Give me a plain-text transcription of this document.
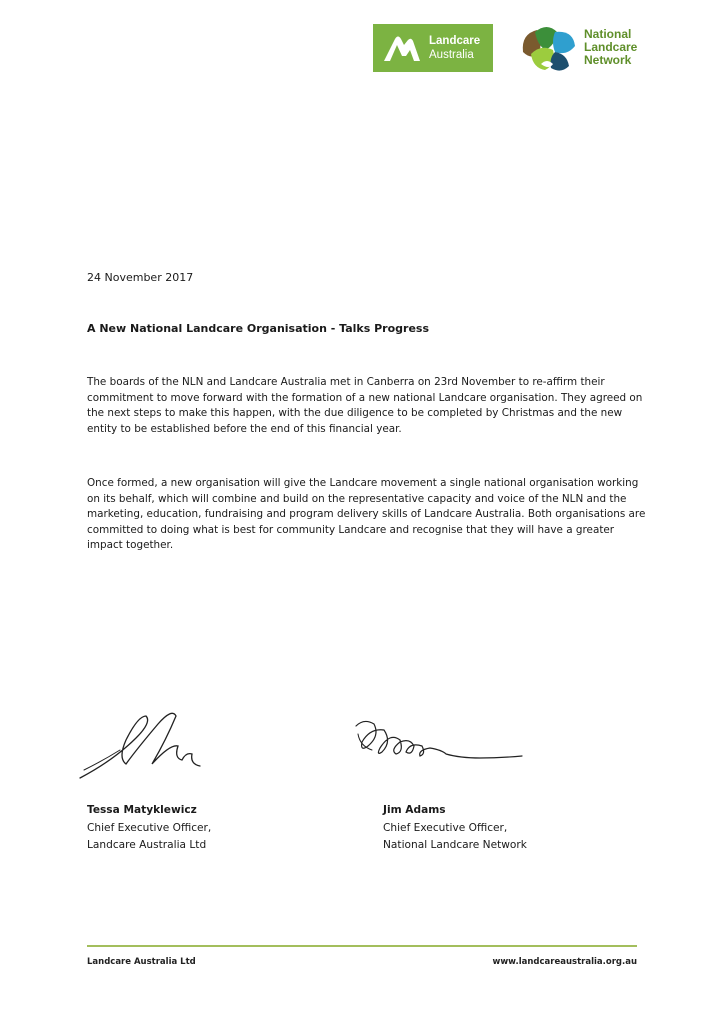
Landcare
Australia
National
Landcare
Network
24 November 2017
A New National Landcare Organisation - Talks Progress

The boards of the NLN and Landcare Australia met in Canberra on 23rd November to re-affirm their commitment to move forward with the formation of a new national Landcare organisation. They agreed on the next steps to make this happen, with the due diligence to be completed by Christmas and the new entity to be established before the end of this financial year.

Once formed, a new organisation will give the Landcare movement a single national organisation working on its behalf, which will combine and build on the representative capacity and voice of the NLN and the marketing, education, fundraising and program delivery skills of Landcare Australia. Both organisations are committed to doing what is best for community Landcare and recognise that they will have a greater impact together.

Tessa Matyklewicz
Chief Executive Officer,
Landcare Australia Ltd
Jim Adams
Chief Executive Officer,
National Landcare Network
Landcare Australia Ltd	www.landcareaustralia.org.au
